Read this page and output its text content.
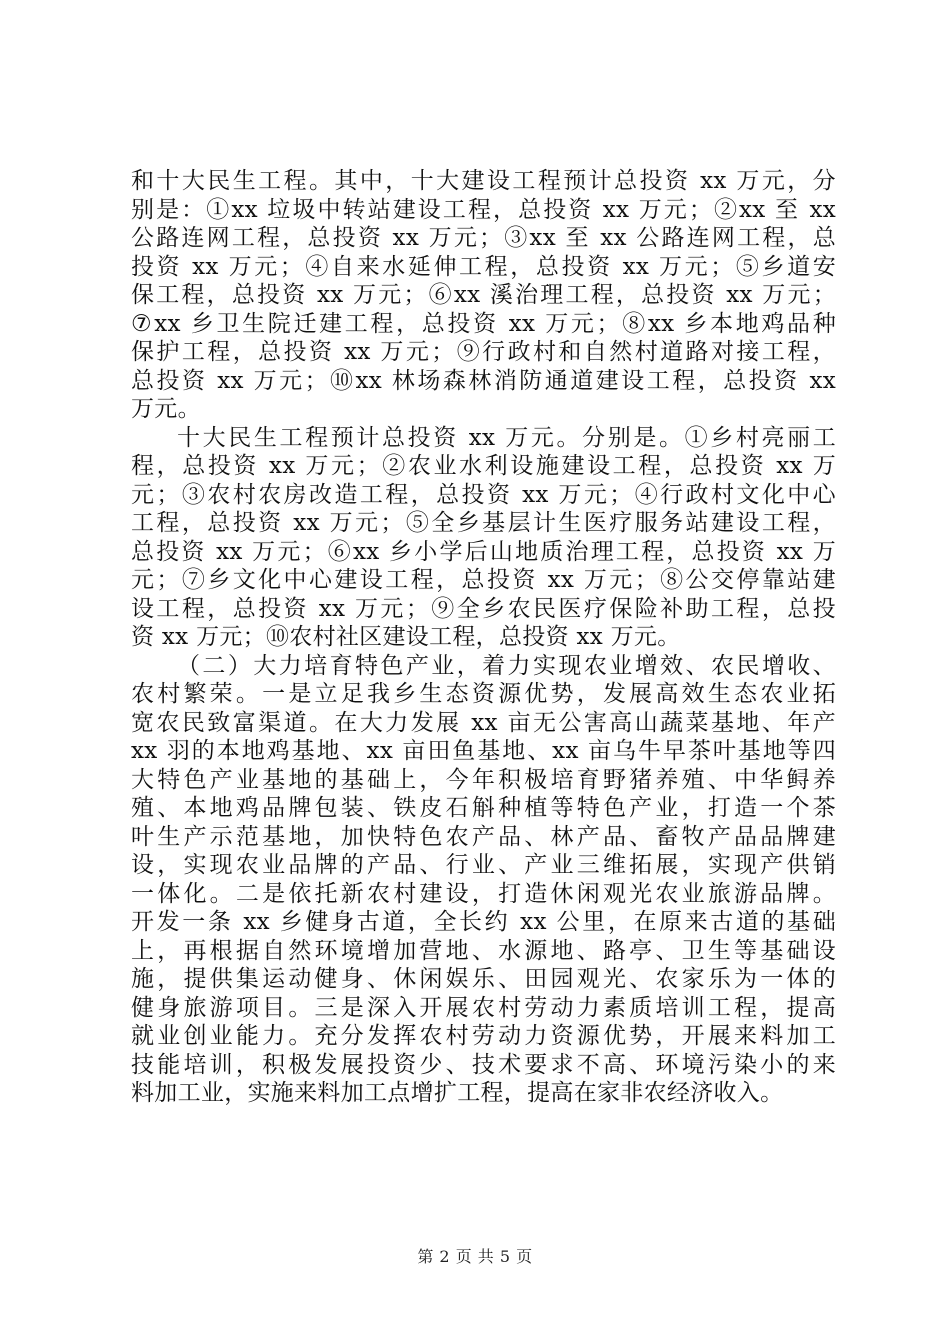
和十大民生工程。其中，十大建设工程预计总投资 xx 万元，分
别是：①xx 垃圾中转站建设工程，总投资 xx 万元；②xx 至 xx
公路连网工程，总投资 xx 万元；③xx 至 xx 公路连网工程，总
投资 xx 万元；④自来水延伸工程，总投资 xx 万元；⑤乡道安
保工程，总投资 xx 万元；⑥xx 溪治理工程，总投资 xx 万元；
⑦xx 乡卫生院迁建工程，总投资 xx 万元；⑧xx 乡本地鸡品种
保护工程，总投资 xx 万元；⑨行政村和自然村道路对接工程，
总投资 xx 万元；⑩xx 林场森林消防通道建设工程，总投资 xx
万元。
十大民生工程预计总投资 xx 万元。分别是。①乡村亮丽工
程，总投资 xx 万元；②农业水利设施建设工程，总投资 xx 万
元；③农村农房改造工程，总投资 xx 万元；④行政村文化中心
工程，总投资 xx 万元；⑤全乡基层计生医疗服务站建设工程，
总投资 xx 万元；⑥xx 乡小学后山地质治理工程，总投资 xx 万
元；⑦乡文化中心建设工程，总投资 xx 万元；⑧公交停靠站建
设工程，总投资 xx 万元；⑨全乡农民医疗保险补助工程，总投
资 xx 万元；⑩农村社区建设工程，总投资 xx 万元。
（二）大力培育特色产业，着力实现农业增效、农民增收、
农村繁荣。一是立足我乡生态资源优势，发展高效生态农业拓
宽农民致富渠道。在大力发展 xx 亩无公害高山蔬菜基地、年产
xx 羽的本地鸡基地、xx 亩田鱼基地、xx 亩乌牛早茶叶基地等四
大特色产业基地的基础上，今年积极培育野猪养殖、中华鲟养
殖、本地鸡品牌包装、铁皮石斛种植等特色产业，打造一个茶
叶生产示范基地，加快特色农产品、林产品、畜牧产品品牌建
设，实现农业品牌的产品、行业、产业三维拓展，实现产供销
一体化。二是依托新农村建设，打造休闲观光农业旅游品牌。
开发一条 xx 乡健身古道，全长约 xx 公里，在原来古道的基础
上，再根据自然环境增加营地、水源地、路亭、卫生等基础设
施，提供集运动健身、休闲娱乐、田园观光、农家乐为一体的
健身旅游项目。三是深入开展农村劳动力素质培训工程，提高
就业创业能力。充分发挥农村劳动力资源优势，开展来料加工
技能培训，积极发展投资少、技术要求不高、环境污染小的来
料加工业，实施来料加工点增扩工程，提高在家非农经济收入。
第 2 页 共 5 页
